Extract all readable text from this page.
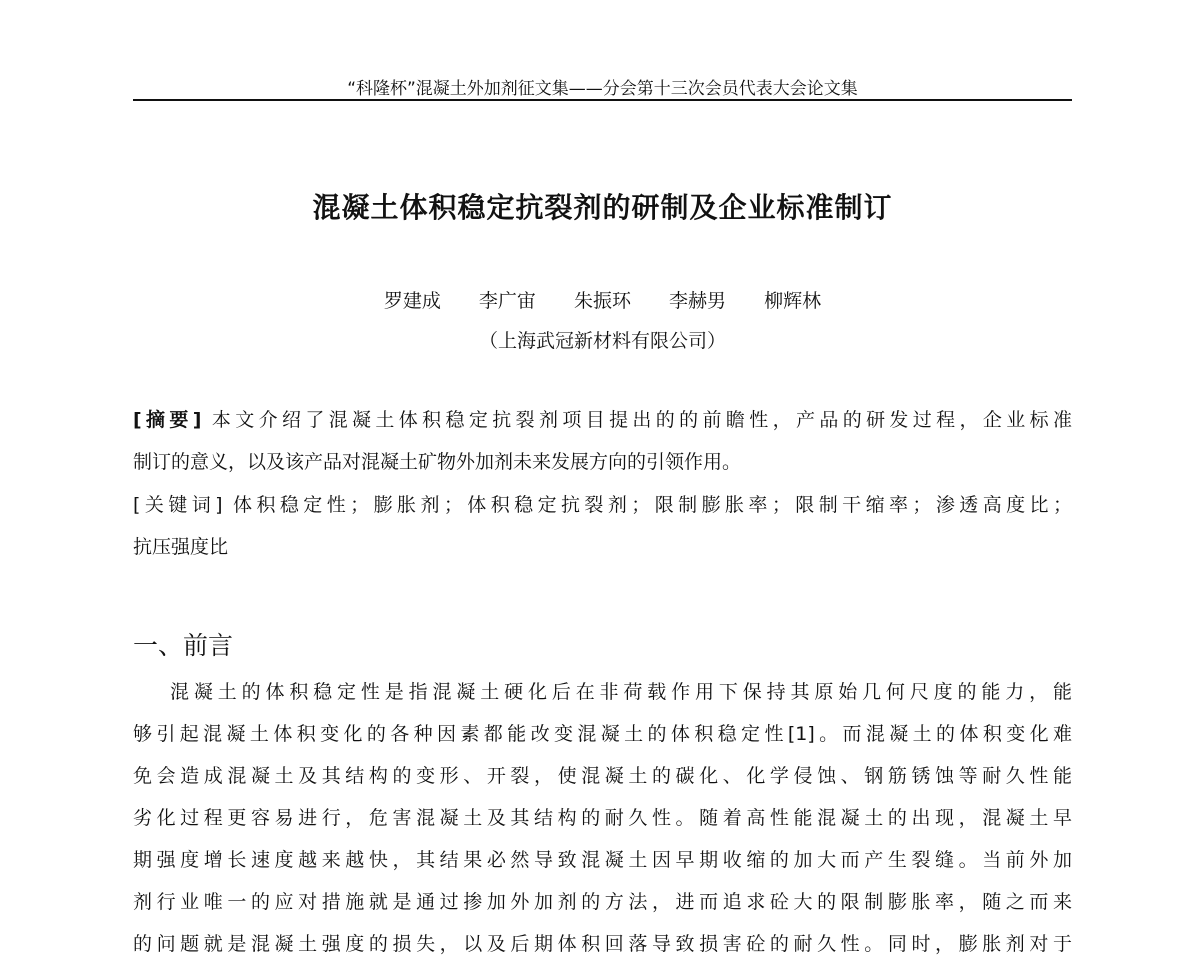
“科隆杯”混凝土外加剂征文集——分会第十三次会员代表大会论文集
混凝土体积稳定抗裂剂的研制及企业标准制订
罗建成 李广宙 朱振环 李赫男 柳辉林
（上海武冠新材料有限公司）
[摘要] 本文介绍了混凝土体积稳定抗裂剂项目提出的的前瞻性，产品的研发过程，企业标准
制订的意义，以及该产品对混凝土矿物外加剂未来发展方向的引领作用。
[关键词] 体积稳定性；膨胀剂；体积稳定抗裂剂；限制膨胀率；限制干缩率；渗透高度比；
抗压强度比
一、前言
混凝土的体积稳定性是指混凝土硬化后在非荷载作用下保持其原始几何尺度的能力，能
够引起混凝土体积变化的各种因素都能改变混凝土的体积稳定性[1]。而混凝土的体积变化难
免会造成混凝土及其结构的变形、开裂，使混凝土的碳化、化学侵蚀、钢筋锈蚀等耐久性能
劣化过程更容易进行，危害混凝土及其结构的耐久性。随着高性能混凝土的出现，混凝土早
期强度增长速度越来越快，其结果必然导致混凝土因早期收缩的加大而产生裂缝。当前外加
剂行业唯一的应对措施就是通过掺加外加剂的方法，进而追求砼大的限制膨胀率，随之而来
的问题就是混凝土强度的损失，以及后期体积回落导致损害砼的耐久性。同时，膨胀剂对于
